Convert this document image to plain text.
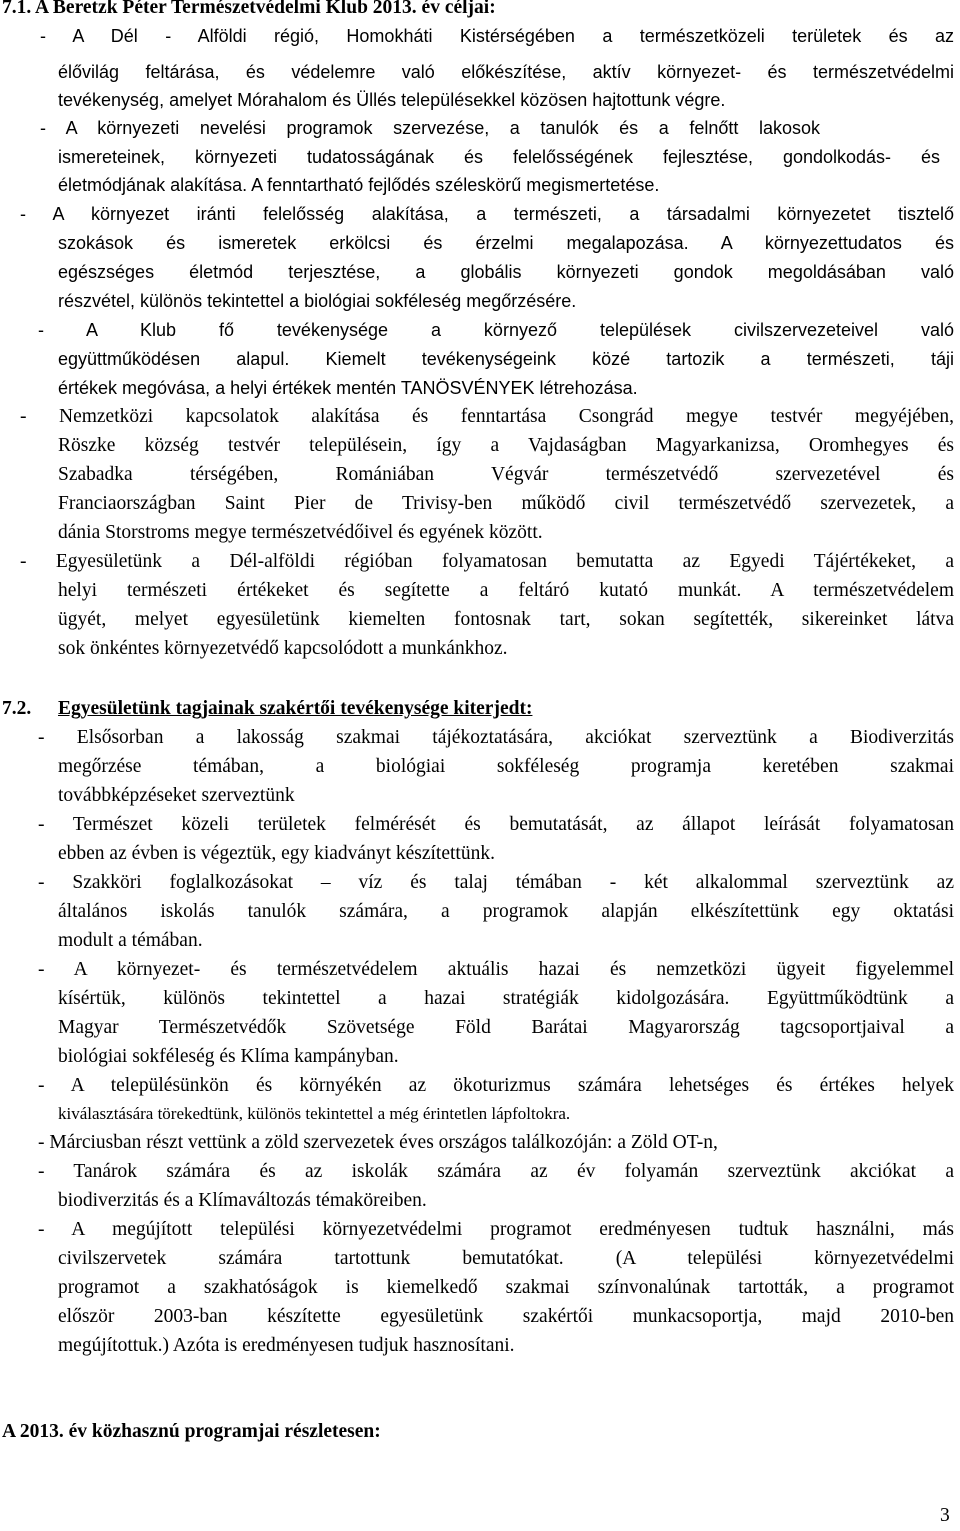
7.1. A Beretzk Péter Természetvédelmi Klub 2013. év céljai:
- A Dél - Alföldi régió, Homokháti Kistérségében a természetközeli területek és az
élővilág feltárása, és védelemre való előkészítése, aktív környezet- és természetvédelmi
tevékenység, amelyet Mórahalom és Üllés településekkel közösen hajtottunk végre.
- A környezeti nevelési programok szervezése, a tanulók és a felnőtt lakosok
ismereteinek, környezeti tudatosságának és felelősségének fejlesztése, gondolkodás- és
életmódjának alakítása. A fenntartható fejlődés széleskörű megismertetése.
- A környezet iránti felelősség alakítása, a természeti, a társadalmi környezetet tisztelő
szokások és ismeretek erkölcsi és érzelmi megalapozása. A környezettudatos és
egészséges életmód terjesztése, a globális környezeti gondok megoldásában való
részvétel, különös tekintettel a biológiai sokféleség megőrzésére.
- A Klub fő tevékenysége a környező települések civilszervezeteivel való
együttműködésen alapul. Kiemelt tevékenységeink közé tartozik a természeti, táji
értékek megóvása, a helyi értékek mentén TANÖSVÉNYEK létrehozása.
- Nemzetközi kapcsolatok alakítása és fenntartása Csongrád megye testvér megyéjében,
Röszke község testvér településein, így a Vajdaságban Magyarkanizsa, Oromhegyes és
Szabadka térségében, Romániában Végvár természetvédő szervezetével és
Franciaországban Saint Pier de Trivisy-ben működő civil természetvédő szervezetek, a
dánia Storstroms megye természetvédőivel és egyének között.
- Egyesületünk a Dél-alföldi régióban folyamatosan bemutatta az Egyedi Tájértékeket, a
helyi természeti értékeket és segítette a feltáró kutató munkát. A természetvédelem
ügyét, melyet egyesületünk kiemelten fontosnak tart, sokan segítették, sikereinket látva
sok önkéntes környezetvédő kapcsolódott a munkánkhoz.
7.2. Egyesületünk tagjainak szakértői tevékenysége kiterjedt:
- Elsősorban a lakosság szakmai tájékoztatására, akciókat szerveztünk a Biodiverzitás
megőrzése témában, a biológiai sokféleség programja keretében szakmai
továbbképzéseket szerveztünk
- Természet közeli területek felmérését és bemutatását, az állapot leírását folyamatosan
ebben az évben is végeztük, egy kiadványt készítettünk.
- Szakköri foglalkozásokat – víz és talaj témában - két alkalommal szerveztünk az
általános iskolás tanulók számára, a programok alapján elkészítettünk egy oktatási
modult a témában.
- A környezet- és természetvédelem aktuális hazai és nemzetközi ügyeit figyelemmel
kísértük, különös tekintettel a hazai stratégiák kidolgozására. Együttműködtünk a
Magyar Természetvédők Szövetsége Föld Barátai Magyarország tagcsoportjaival a
biológiai sokféleség és Klíma kampányban.
- A településünkön és környékén az ökoturizmus számára lehetséges és értékes helyek
kiválasztására törekedtünk, különös tekintettel a még érintetlen lápfoltokra.
- Márciusban részt vettünk a zöld szervezetek éves országos találkozóján: a Zöld OT-n,
- Tanárok számára és az iskolák számára az év folyamán szerveztünk akciókat a
biodiverzitás és a Klímaváltozás témaköreiben.
- A megújított települési környezetvédelmi programot eredményesen tudtuk használni, más
civilszervetek számára tartottunk bemutatókat. (A települési környezetvédelmi
programot a szakhatóságok is kiemelkedő szakmai színvonalúnak tartották, a programot
először 2003-ban készítette egyesületünk szakértői munkacsoportja, majd 2010-ben
megújítottuk.) Azóta is eredményesen tudjuk hasznosítani.
A 2013. év közhasznú programjai részletesen:
3
